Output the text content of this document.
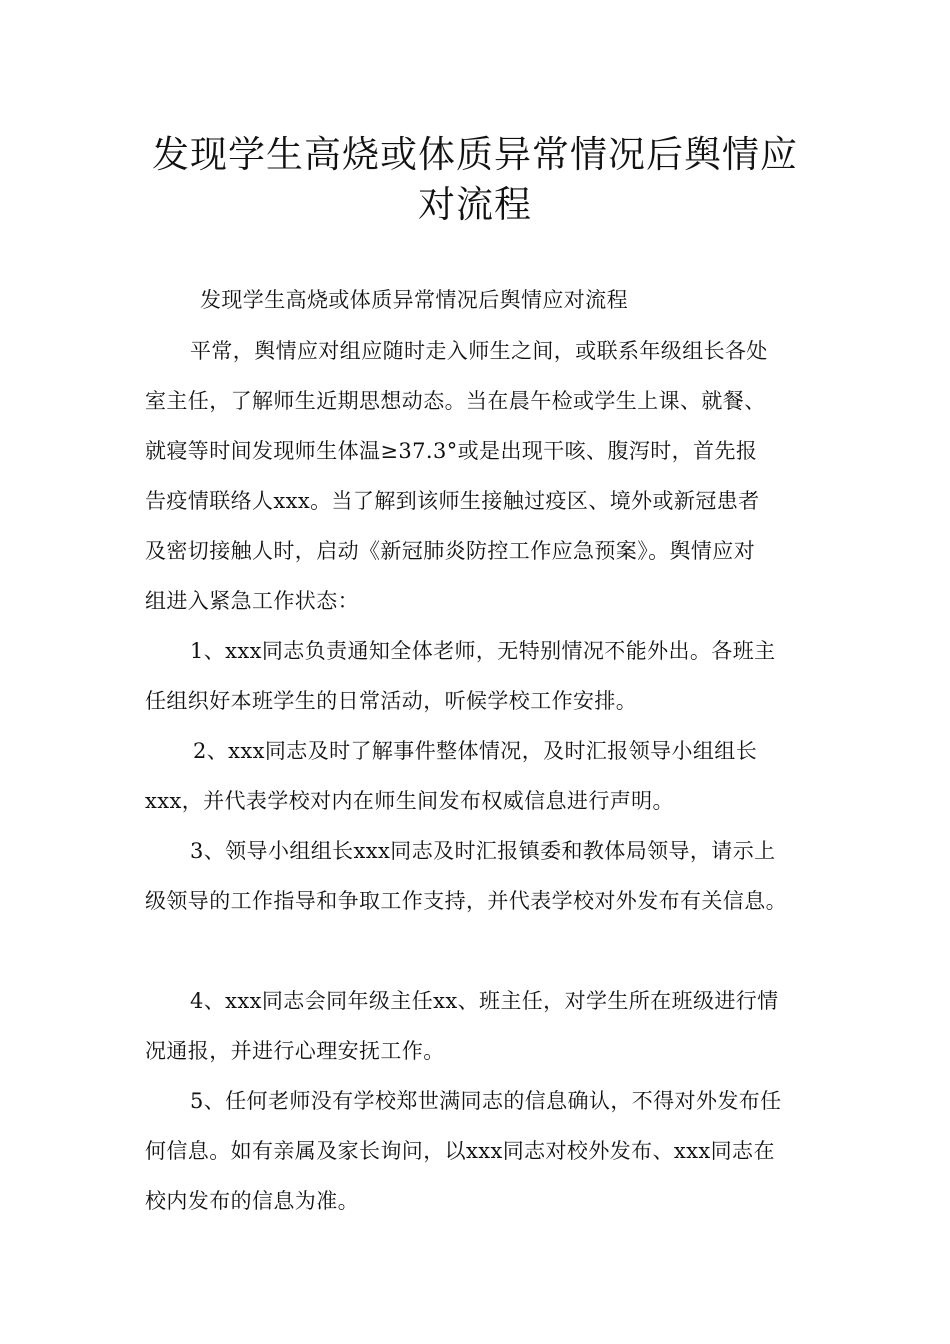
发现学生高烧或体质异常情况后舆情应
对流程
发现学生高烧或体质异常情况后舆情应对流程
平常，舆情应对组应随时走入师生之间，或联系年级组长各处
室主任，了解师生近期思想动态。当在晨午检或学生上课、就餐、
就寝等时间发现师生体温≥37.3°或是出现干咳、腹泻时，首先报
告疫情联络人xxx。当了解到该师生接触过疫区、境外或新冠患者
及密切接触人时，启动《新冠肺炎防控工作应急预案》。舆情应对
组进入紧急工作状态：
1、xxx同志负责通知全体老师，无特别情况不能外出。各班主
任组织好本班学生的日常活动，听候学校工作安排。
2、xxx同志及时了解事件整体情况，及时汇报领导小组组长
xxx，并代表学校对内在师生间发布权威信息进行声明。
3、领导小组组长xxx同志及时汇报镇委和教体局领导，请示上
级领导的工作指导和争取工作支持，并代表学校对外发布有关信息。
4、xxx同志会同年级主任xx、班主任，对学生所在班级进行情
况通报，并进行心理安抚工作。
5、任何老师没有学校郑世满同志的信息确认，不得对外发布任
何信息。如有亲属及家长询问，以xxx同志对校外发布、xxx同志在
校内发布的信息为准。
